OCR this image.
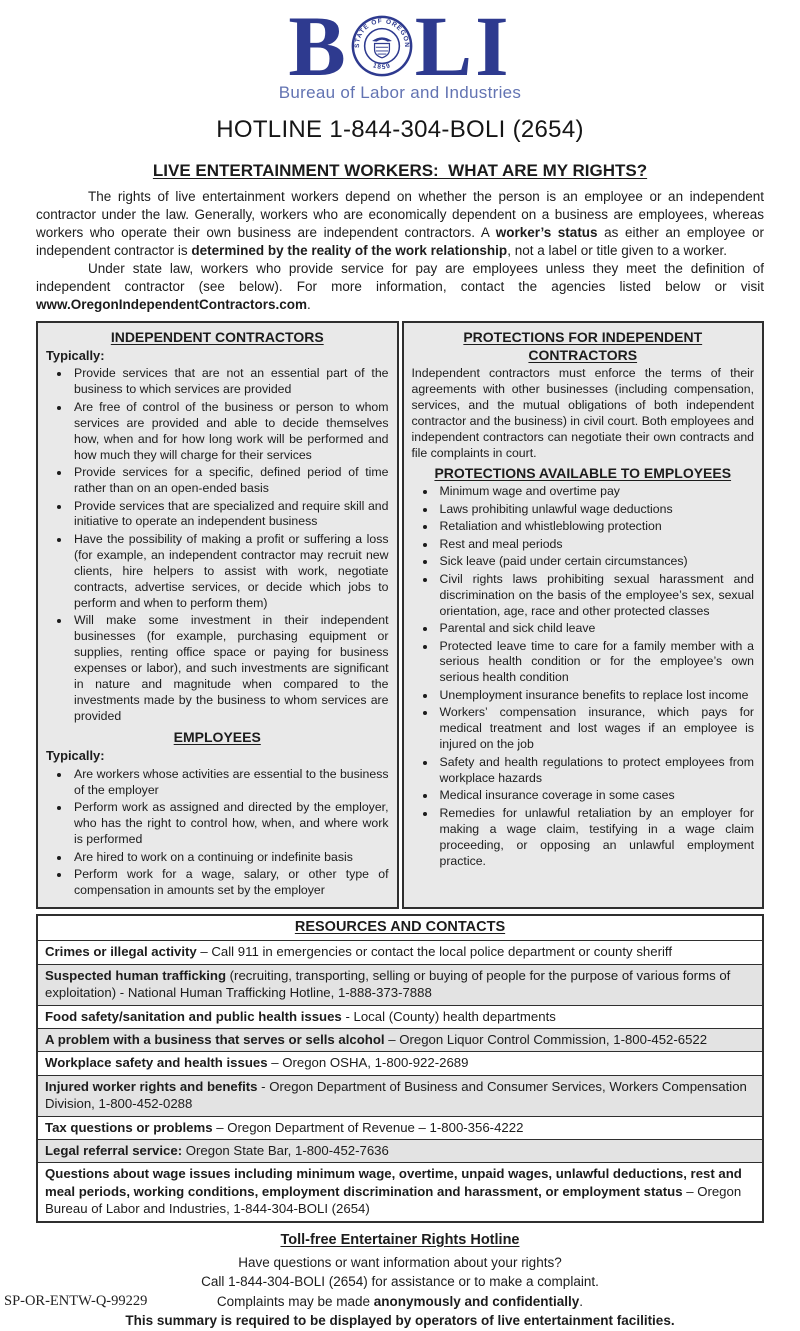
B STATE OF OREGON
1859 LI
Bureau of Labor and Industries
HOTLINE 1-844-304-BOLI (2654)
LIVE ENTERTAINMENT WORKERS:  WHAT ARE MY RIGHTS?

The rights of live entertainment workers depend on whether the person is an employee or an independent contractor under the law. Generally, workers who are economically dependent on a business are employees, whereas workers who operate their own business are independent contractors. A worker’s status as either an employee or independent contractor is determined by the reality of the work relationship, not a label or title given to a worker.

Under state law, workers who provide service for pay are employees unless they meet the definition of independent contractor (see below). For more information, contact the agencies listed below or visit www.OregonIndependentContractors.com.

INDEPENDENT CONTRACTORS
Typically:
• Provide services that are not an essential part of the business to which services are provided
• Are free of control of the business or person to whom services are provided and able to decide themselves how, when and for how long work will be performed and how much they will charge for their services
• Provide services for a specific, defined period of time rather than on an open-ended basis
• Provide services that are specialized and require skill and initiative to operate an independent business
• Have the possibility of making a profit or suffering a loss (for example, an independent contractor may recruit new clients, hire helpers to assist with work, negotiate contracts, advertise services, or decide which jobs to perform and when to perform them)
• Will make some investment in their independent businesses (for example, purchasing equipment or supplies, renting office space or paying for business expenses or labor), and such investments are significant in nature and magnitude when compared to the investments made by the business to whom services are provided
EMPLOYEES
Typically:
• Are workers whose activities are essential to the business of the employer
• Perform work as assigned and directed by the employer, who has the right to control how, when, and where work is performed
• Are hired to work on a continuing or indefinite basis
• Perform work for a wage, salary, or other type of compensation in amounts set by the employer
PROTECTIONS FOR INDEPENDENT CONTRACTORS

Independent contractors must enforce the terms of their agreements with other businesses (including compensation, services, and the mutual obligations of both independent contractor and the business) in civil court. Both employees and independent contractors can negotiate their own contracts and file complaints in court.

PROTECTIONS AVAILABLE TO EMPLOYEES
• Minimum wage and overtime pay
• Laws prohibiting unlawful wage deductions
• Retaliation and whistleblowing protection
• Rest and meal periods
• Sick leave (paid under certain circumstances)
• Civil rights laws prohibiting sexual harassment and discrimination on the basis of the employee’s sex, sexual orientation, age, race and other protected classes
• Parental and sick child leave
• Protected leave time to care for a family member with a serious health condition or for the employee’s own serious health condition
• Unemployment insurance benefits to replace lost income
• Workers’ compensation insurance, which pays for medical treatment and lost wages if an employee is injured on the job
• Safety and health regulations to protect employees from workplace hazards
• Medical insurance coverage in some cases
• Remedies for unlawful retaliation by an employer for making a wage claim, testifying in a wage claim proceeding, or opposing an unlawful employment practice.
RESOURCES AND CONTACTS
Crimes or illegal activity – Call 911 in emergencies or contact the local police department or county sheriff
Suspected human trafficking (recruiting, transporting, selling or buying of people for the purpose of various forms of exploitation) - National Human Trafficking Hotline, 1-888-373-7888
Food safety/sanitation and public health issues - Local (County) health departments
A problem with a business that serves or sells alcohol – Oregon Liquor Control Commission, 1-800-452-6522
Workplace safety and health issues – Oregon OSHA, 1-800-922-2689
Injured worker rights and benefits - Oregon Department of Business and Consumer Services, Workers Compensation Division, 1-800-452-0288
Tax questions or problems – Oregon Department of Revenue – 1-800-356-4222
Legal referral service: Oregon State Bar, 1-800-452-7636
Questions about wage issues including minimum wage, overtime, unpaid wages, unlawful deductions, rest and meal periods, working conditions, employment discrimination and harassment, or employment status – Oregon Bureau of Labor and Industries, 1-844-304-BOLI (2654)
Toll-free Entertainer Rights Hotline

Have questions or want information about your rights?

Call 1-844-304-BOLI (2654) for assistance or to make a complaint.

Complaints may be made anonymously and confidentially.

This summary is required to be displayed by operators of live entertainment facilities.

SP-OR-ENTW-Q-99229
